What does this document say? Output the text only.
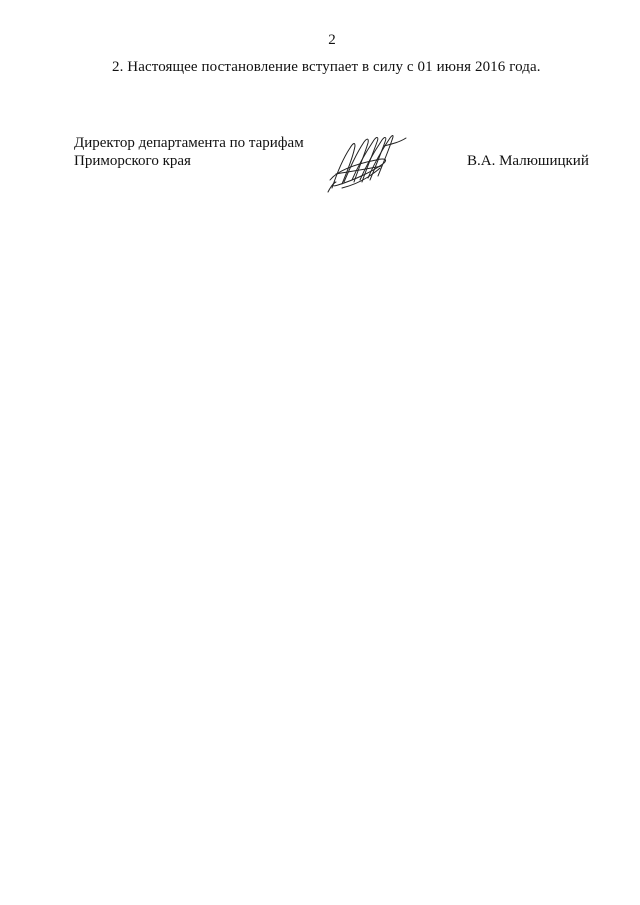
2
2. Настоящее постановление вступает в силу с 01 июня 2016 года.
Директор департамента по тарифам
Приморского края	В.А. Малюшицкий
